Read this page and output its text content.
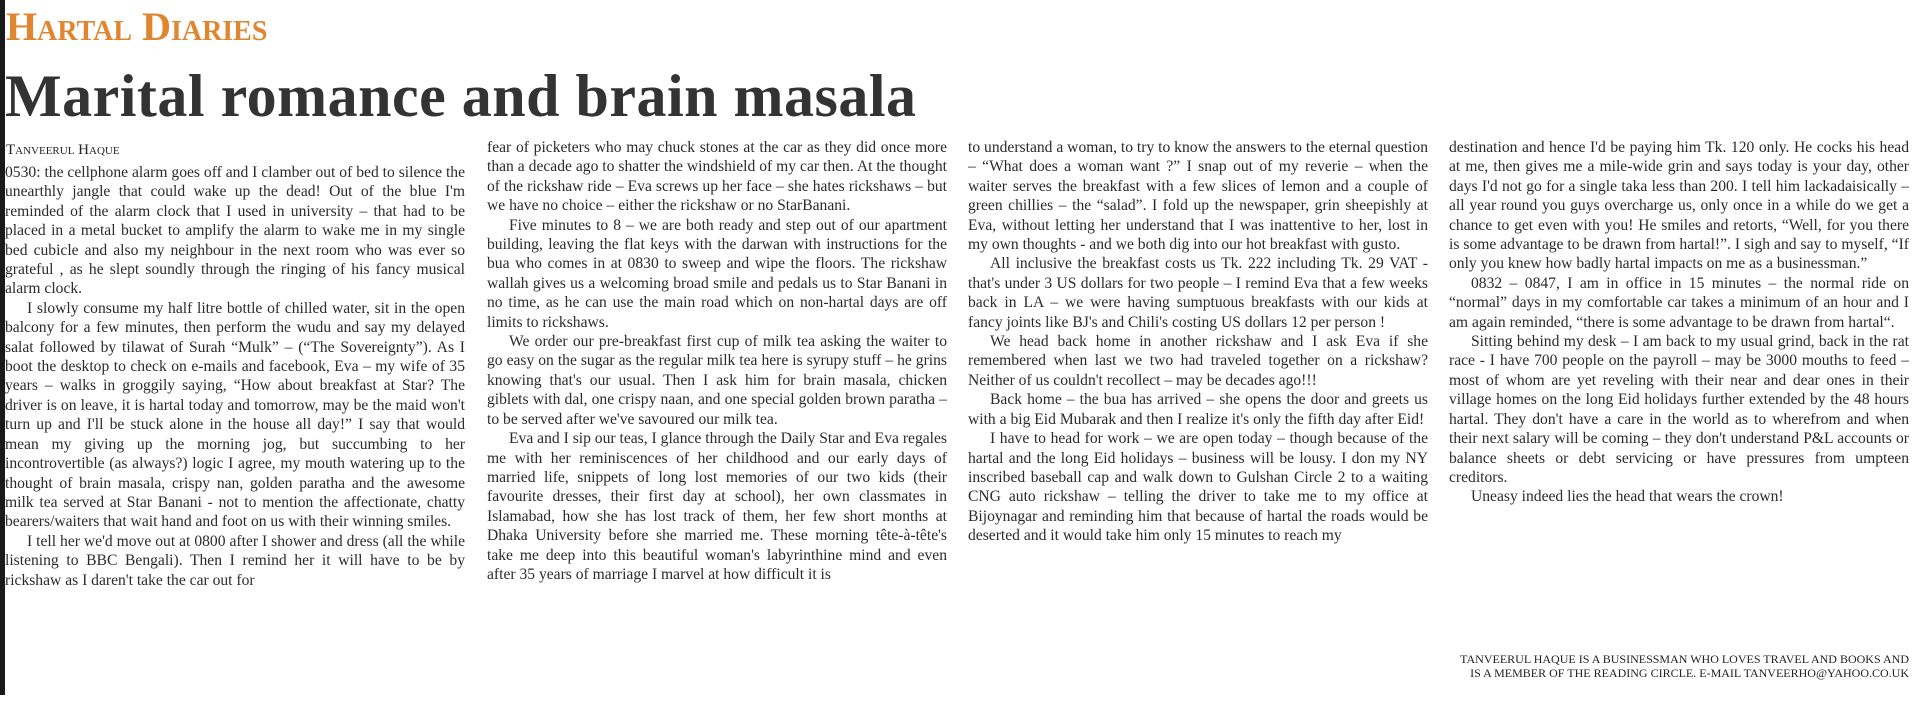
Hartal Diaries
Marital romance and brain masala
Tanveerul Haque

0530: the cellphone alarm goes off and I clamber out of bed to silence the unearthly jangle that could wake up the dead! Out of the blue I'm reminded of the alarm clock that I used in university – that had to be placed in a metal bucket to amplify the alarm to wake me in my single bed cubicle and also my neighbour in the next room who was ever so grateful , as he slept soundly through the ringing of his fancy musical alarm clock.

I slowly consume my half litre bottle of chilled water, sit in the open balcony for a few minutes, then perform the wudu and say my delayed salat followed by tilawat of Surah “Mulk” – (“The Sovereignty”). As I boot the desktop to check on e-mails and facebook, Eva – my wife of 35 years – walks in groggily saying, “How about breakfast at Star? The driver is on leave, it is hartal today and tomorrow, may be the maid won't turn up and I'll be stuck alone in the house all day!” I say that would mean my giving up the morning jog, but succumbing to her incontrovertible (as always?) logic I agree, my mouth watering up to the thought of brain masala, crispy nan, golden paratha and the awesome milk tea served at Star Banani - not to mention the affectionate, chatty bearers/waiters that wait hand and foot on us with their winning smiles.

I tell her we'd move out at 0800 after I shower and dress (all the while listening to BBC Bengali). Then I remind her it will have to be by rickshaw as I daren't take the car out for

fear of picketers who may chuck stones at the car as they did once more than a decade ago to shatter the windshield of my car then. At the thought of the rickshaw ride – Eva screws up her face – she hates rickshaws – but we have no choice – either the rickshaw or no StarBanani.

Five minutes to 8 – we are both ready and step out of our apartment building, leaving the flat keys with the darwan with instructions for the bua who comes in at 0830 to sweep and wipe the floors. The rickshaw wallah gives us a welcoming broad smile and pedals us to Star Banani in no time, as he can use the main road which on non-hartal days are off limits to rickshaws.

We order our pre-breakfast first cup of milk tea asking the waiter to go easy on the sugar as the regular milk tea here is syrupy stuff – he grins knowing that's our usual. Then I ask him for brain masala, chicken giblets with dal, one crispy naan, and one special golden brown paratha – to be served after we've savoured our milk tea.

Eva and I sip our teas, I glance through the Daily Star and Eva regales me with her reminiscences of her childhood and our early days of married life, snippets of long lost memories of our two kids (their favourite dresses, their first day at school), her own classmates in Islamabad, how she has lost track of them, her few short months at Dhaka University before she married me. These morning tête-à-tête's take me deep into this beautiful woman's labyrinthine mind and even after 35 years of marriage I marvel at how difficult it is

to understand a woman, to try to know the answers to the eternal question – “What does a woman want ?” I snap out of my reverie – when the waiter serves the breakfast with a few slices of lemon and a couple of green chillies – the “salad”. I fold up the newspaper, grin sheepishly at Eva, without letting her understand that I was inattentive to her, lost in my own thoughts - and we both dig into our hot breakfast with gusto.

All inclusive the breakfast costs us Tk. 222 including Tk. 29 VAT - that's under 3 US dollars for two people – I remind Eva that a few weeks back in LA – we were having sumptuous breakfasts with our kids at fancy joints like BJ's and Chili's costing US dollars 12 per person !

We head back home in another rickshaw and I ask Eva if she remembered when last we two had traveled together on a rickshaw? Neither of us couldn't recollect – may be decades ago!!!

Back home – the bua has arrived – she opens the door and greets us with a big Eid Mubarak and then I realize it's only the fifth day after Eid!

I have to head for work – we are open today – though because of the hartal and the long Eid holidays – business will be lousy. I don my NY inscribed baseball cap and walk down to Gulshan Circle 2 to a waiting CNG auto rickshaw – telling the driver to take me to my office at Bijoynagar and reminding him that because of hartal the roads would be deserted and it would take him only 15 minutes to reach my

destination and hence I'd be paying him Tk. 120 only. He cocks his head at me, then gives me a mile-wide grin and says today is your day, other days I'd not go for a single taka less than 200. I tell him lackadaisically – all year round you guys overcharge us, only once in a while do we get a chance to get even with you! He smiles and retorts, “Well, for you there is some advantage to be drawn from hartal!”. I sigh and say to myself, “If only you knew how badly hartal impacts on me as a businessman.”

0832 – 0847, I am in office in 15 minutes – the normal ride on “normal” days in my comfortable car takes a minimum of an hour and I am again reminded, “there is some advantage to be drawn from hartal“.

Sitting behind my desk – I am back to my usual grind, back in the rat race - I have 700 people on the payroll – may be 3000 mouths to feed – most of whom are yet reveling with their near and dear ones in their village homes on the long Eid holidays further extended by the 48 hours hartal. They don't have a care in the world as to wherefrom and when their next salary will be coming – they don't understand P&L accounts or balance sheets or debt servicing or have pressures from umpteen creditors.

Uneasy indeed lies the head that wears the crown!

TANVEERUL HAQUE IS A BUSINESSMAN WHO LOVES TRAVEL AND BOOKS AND IS A MEMBER OF THE READING CIRCLE. E-MAIL TANVEERHO@YAHOO.CO.UK
